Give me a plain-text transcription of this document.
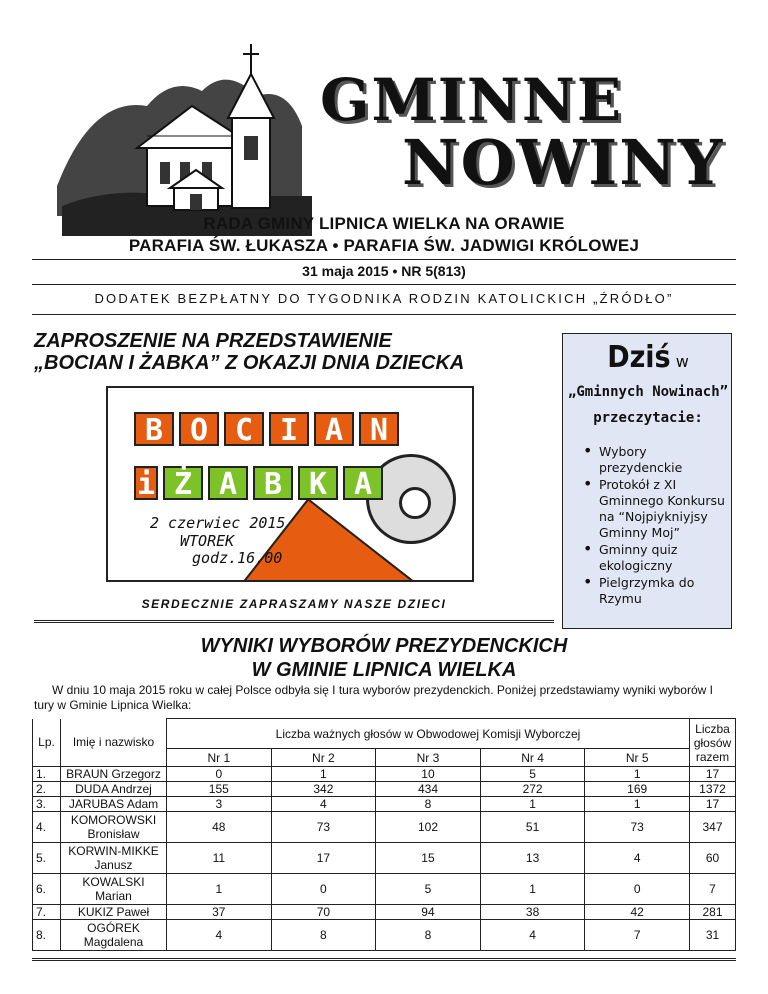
GMINNE
NOWINY
RADA GMINY LIPNICA WIELKA NA ORAWIE
PARAFIA ŚW. ŁUKASZA • PARAFIA ŚW. JADWIGI KRÓLOWEJ
31 maja 2015 • NR 5(813)
DODATEK BEZPŁATNY DO TYGODNIKA RODZIN KATOLICKICH „ŹRÓDŁO”
ZAPROSZENIE NA PRZEDSTAWIENIE
„BOCIAN I ŻABKA” Z OKAZJI DNIA DZIECKA
B O C I A N
i Ż A B K A
2 czerwiec 2015
WTOREK
godz.16.00
SERDECZNIE ZAPRASZAMY NASZE DZIECI
Dziś w
„Gminnych Nowinach”
przeczytacie:
• Wybory prezydenckie
• Protokół z XI Gminnego Konkursu na “Nojpiykniyjsy Gminny Moj”
• Gminny quiz ekologiczny
• Pielgrzymka do Rzymu
WYNIKI WYBORÓW PREZYDENCKICH
W GMINIE LIPNICA WIELKA

W dniu 10 maja 2015 roku w całej Polsce odbyła się I tura wyborów prezydenckich. Poniżej przedstawiamy wyniki wyborów I tury w Gminie Lipnica Wielka:

Lp.	Imię i nazwisko	Liczba ważnych głosów w Obwodowej Komisji Wyborczej					Liczba głosów razem
		Nr 1	Nr 2	Nr 3	Nr 4	Nr 5	
1.	BRAUN Grzegorz	0	1	10	5	1	17
2.	DUDA Andrzej	155	342	434	272	169	1372
3.	JARUBAS Adam	3	4	8	1	1	17
4.	KOMOROWSKI Bronisław	48	73	102	51	73	347
5.	KORWIN-MIKKE Janusz	11	17	15	13	4	60
6.	KOWALSKI Marian	1	0	5	1	0	7
7.	KUKIZ Paweł	37	70	94	38	42	281
8.	OGÓREK Magdalena	4	8	8	4	7	31
